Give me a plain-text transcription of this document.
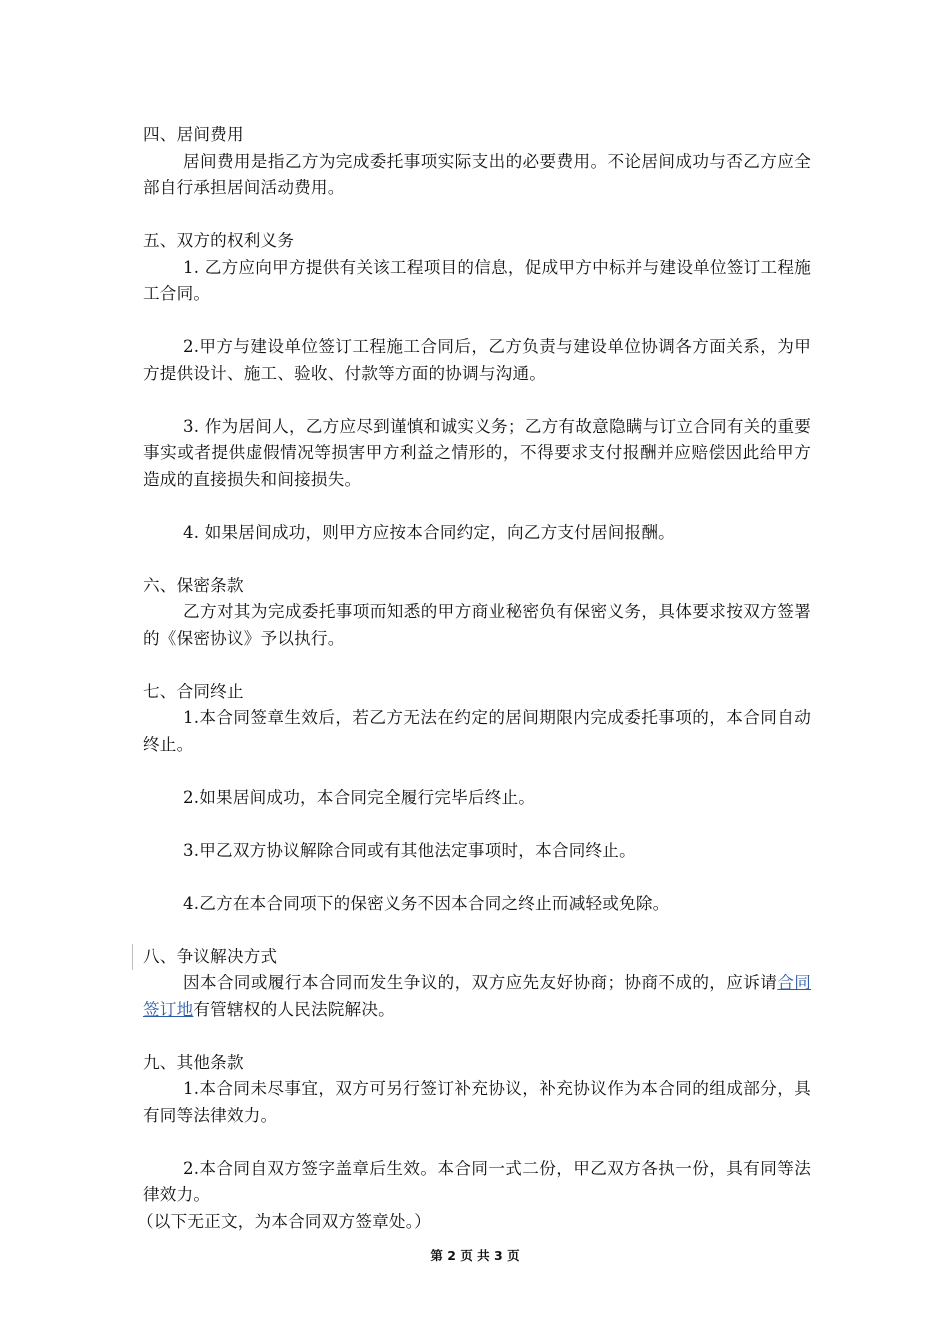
四、居间费用

居间费用是指乙方为完成委托事项实际支出的必要费用。不论居间成功与否乙方应全部自行承担居间活动费用。

五、双方的权利义务

1. 乙方应向甲方提供有关该工程项目的信息，促成甲方中标并与建设单位签订工程施工合同。

2.甲方与建设单位签订工程施工合同后，乙方负责与建设单位协调各方面关系，为甲方提供设计、施工、验收、付款等方面的协调与沟通。

3. 作为居间人，乙方应尽到谨慎和诚实义务；乙方有故意隐瞒与订立合同有关的重要事实或者提供虚假情况等损害甲方利益之情形的，不得要求支付报酬并应赔偿因此给甲方造成的直接损失和间接损失。

4. 如果居间成功，则甲方应按本合同约定，向乙方支付居间报酬。

六、保密条款

乙方对其为完成委托事项而知悉的甲方商业秘密负有保密义务，具体要求按双方签署的《保密协议》予以执行。

七、合同终止

1.本合同签章生效后，若乙方无法在约定的居间期限内完成委托事项的，本合同自动终止。

2.如果居间成功，本合同完全履行完毕后终止。

3.甲乙双方协议解除合同或有其他法定事项时，本合同终止。

4.乙方在本合同项下的保密义务不因本合同之终止而减轻或免除。

八、争议解决方式

因本合同或履行本合同而发生争议的，双方应先友好协商；协商不成的，应诉请合同签订地有管辖权的人民法院解决。

九、其他条款

1.本合同未尽事宜，双方可另行签订补充协议，补充协议作为本合同的组成部分，具有同等法律效力。

2.本合同自双方签字盖章后生效。本合同一式二份，甲乙双方各执一份，具有同等法律效力。

（以下无正文，为本合同双方签章处。）

第 2 页 共 3 页
